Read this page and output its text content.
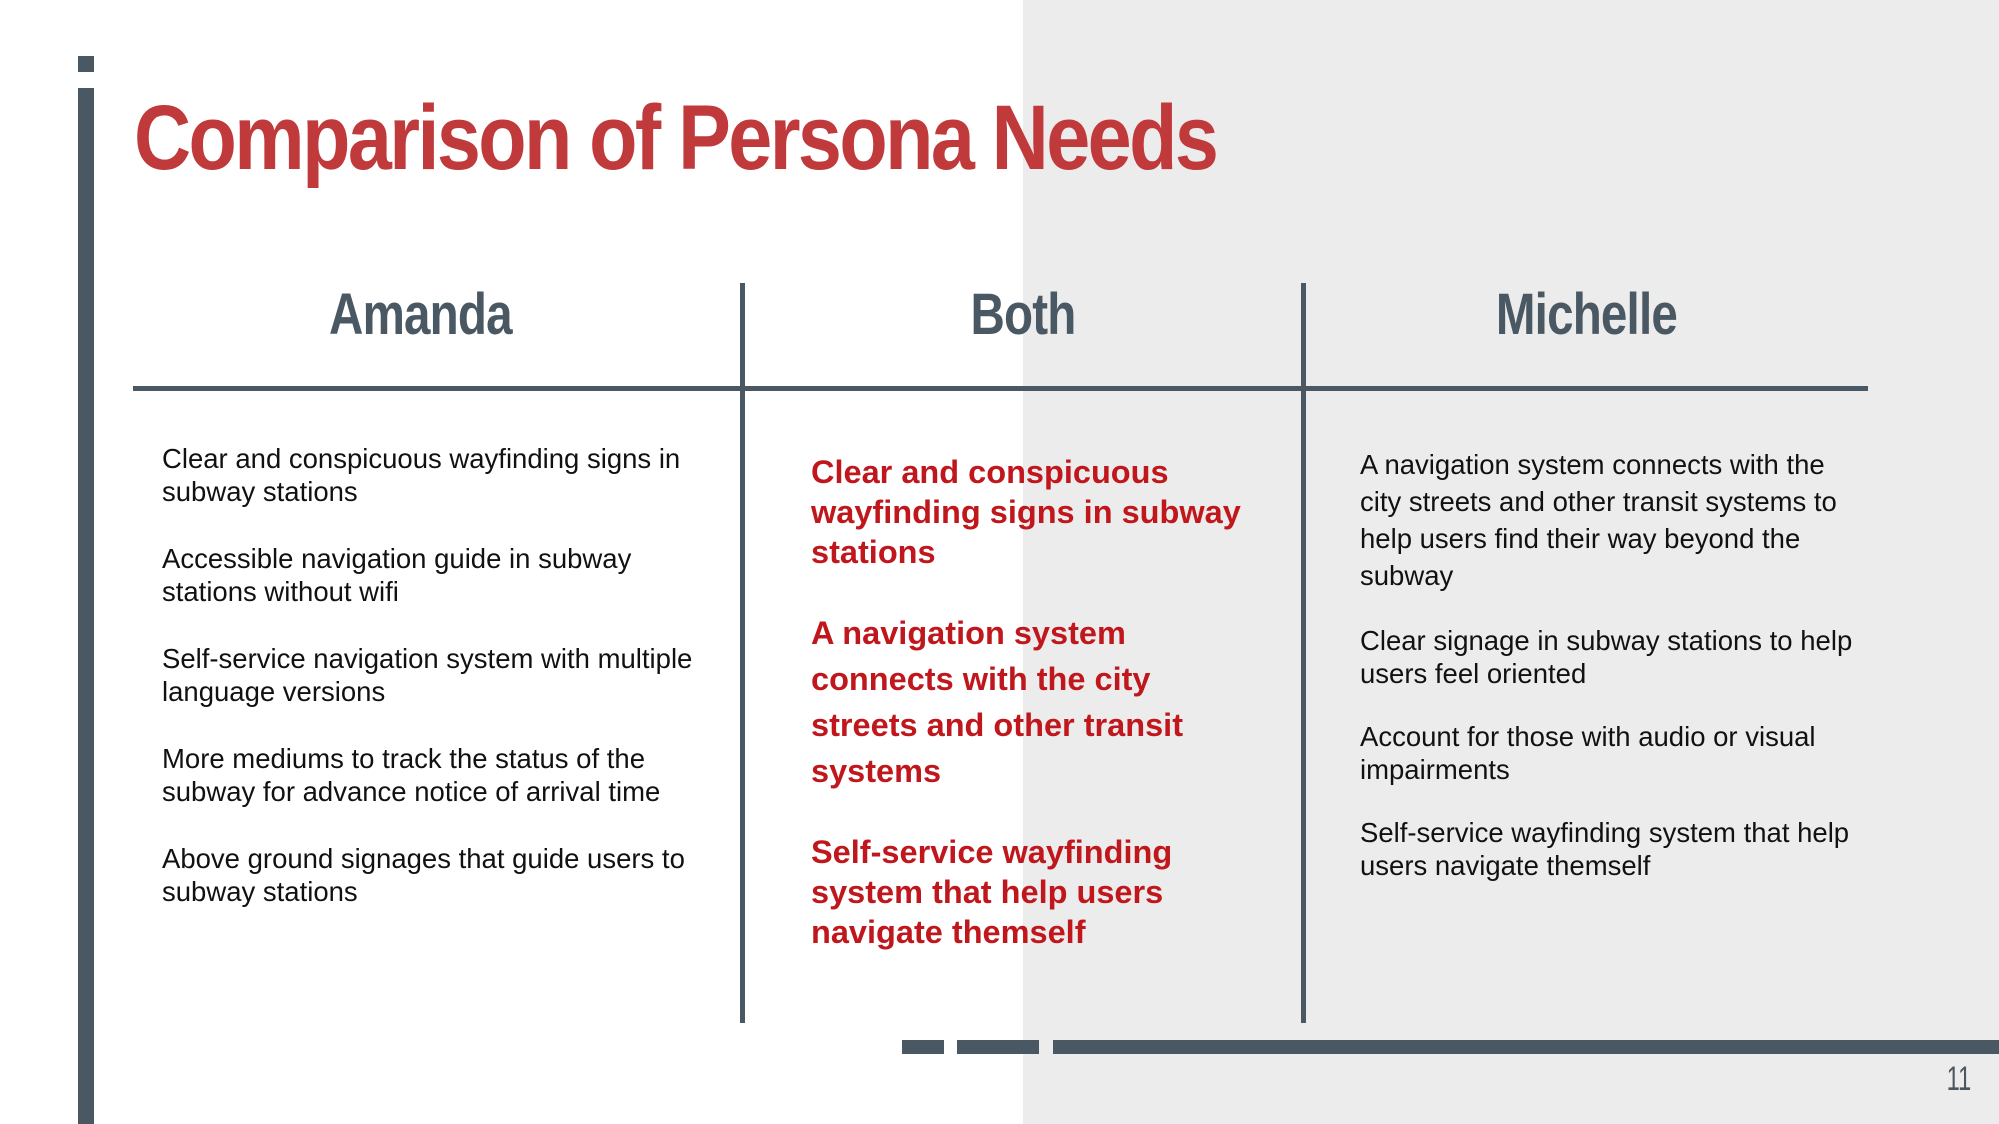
Comparison of Persona Needs
Amanda	Both	Michelle
Clear and conspicuous wayfinding signs in subway stations
Accessible navigation guide in subway stations without wifi
Self-service navigation system with multiple language versions
More mediums to track the status of the subway for advance notice of arrival time
Above ground signages that guide users to subway stations
Clear and conspicuous wayfinding signs in subway stations
A navigation system connects with the city streets and other transit systems
Self-service wayfinding system that help users navigate themself
A navigation system connects with the city streets and other transit systems to help users find their way beyond the subway
Clear signage in subway stations to help users feel oriented
Account for those with audio or visual impairments
Self-service wayfinding system that help users navigate themself
11
